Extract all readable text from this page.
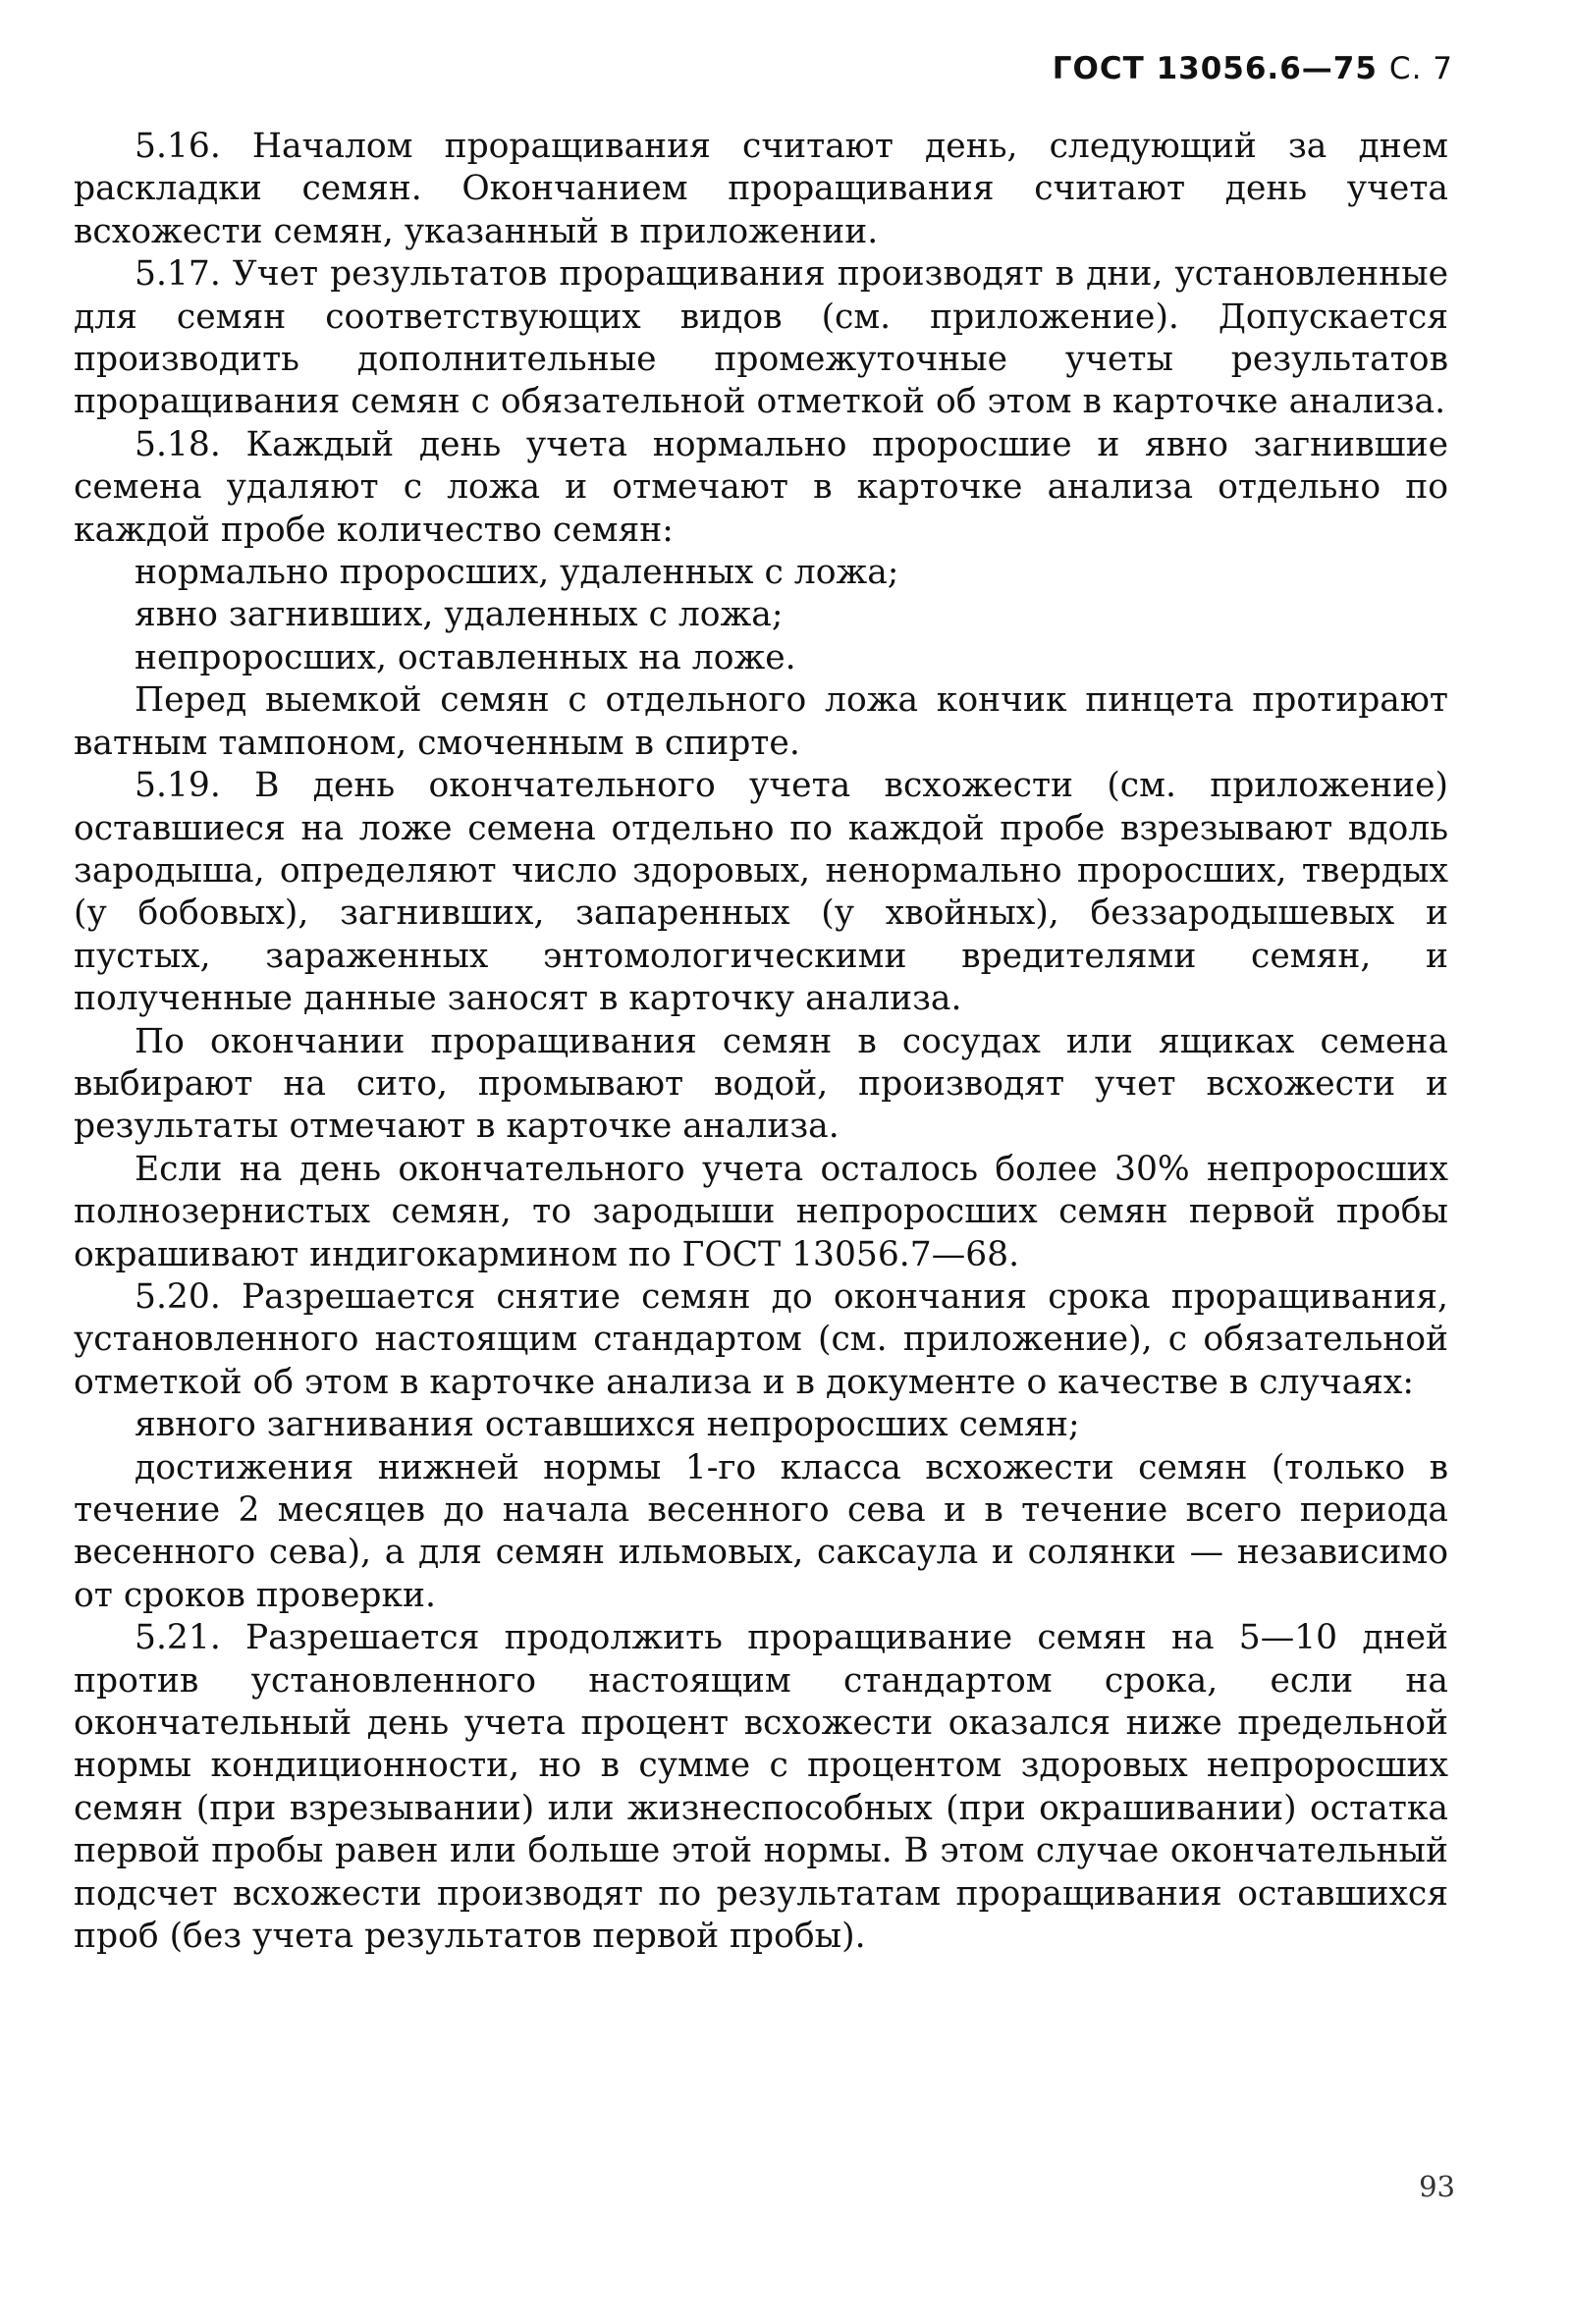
ГОСТ 13056.6—75 С. 7

5.16. Началом проращивания считают день, следующий за днем раскладки семян. Окончанием проращивания считают день учета всхожести семян, указанный в приложении.

5.17. Учет результатов проращивания производят в дни, установленные для семян соответствующих видов (см. приложение). Допускается производить дополнительные промежуточные учеты результатов проращивания семян с обязательной отметкой об этом в карточке анализа.

5.18. Каждый день учета нормально проросшие и явно загнившие семена удаляют с ложа и отмечают в карточке анализа отдельно по каждой пробе количество семян:

нормально проросших, удаленных с ложа;

явно загнивших, удаленных с ложа;

непроросших, оставленных на ложе.

Перед выемкой семян с отдельного ложа кончик пинцета протирают ватным тампоном, смоченным в спирте.

5.19. В день окончательного учета всхожести (см. приложение) оставшиеся на ложе семена отдельно по каждой пробе взрезывают вдоль зародыша, определяют число здоровых, ненормально проросших, твердых (у бобовых), загнивших, запаренных (у хвойных), беззародышевых и пустых, зараженных энтомологическими вредителями семян, и полученные данные заносят в карточку анализа.

По окончании проращивания семян в сосудах или ящиках семена выбирают на сито, промывают водой, производят учет всхожести и результаты отмечают в карточке анализа.

Если на день окончательного учета осталось более 30% непроросших полнозернистых семян, то зародыши непроросших семян первой пробы окрашивают индигокармином по ГОСТ 13056.7—68.

5.20. Разрешается снятие семян до окончания срока проращивания, установленного настоящим стандартом (см. приложение), с обязательной отметкой об этом в карточке анализа и в документе о качестве в случаях:

явного загнивания оставшихся непроросших семян;

достижения нижней нормы 1-го класса всхожести семян (только в течение 2 месяцев до начала весенного сева и в течение всего периода весенного сева), а для семян ильмовых, саксаула и солянки — независимо от сроков проверки.

5.21. Разрешается продолжить проращивание семян на 5—10 дней против установленного настоящим стандартом срока, если на окончательный день учета процент всхожести оказался ниже предельной нормы кондиционности, но в сумме с процентом здоровых непроросших семян (при взрезывании) или жизнеспособных (при окрашивании) остатка первой пробы равен или больше этой нормы. В этом случае окончательный подсчет всхожести производят по результатам проращивания оставшихся проб (без учета результатов первой пробы).

93
